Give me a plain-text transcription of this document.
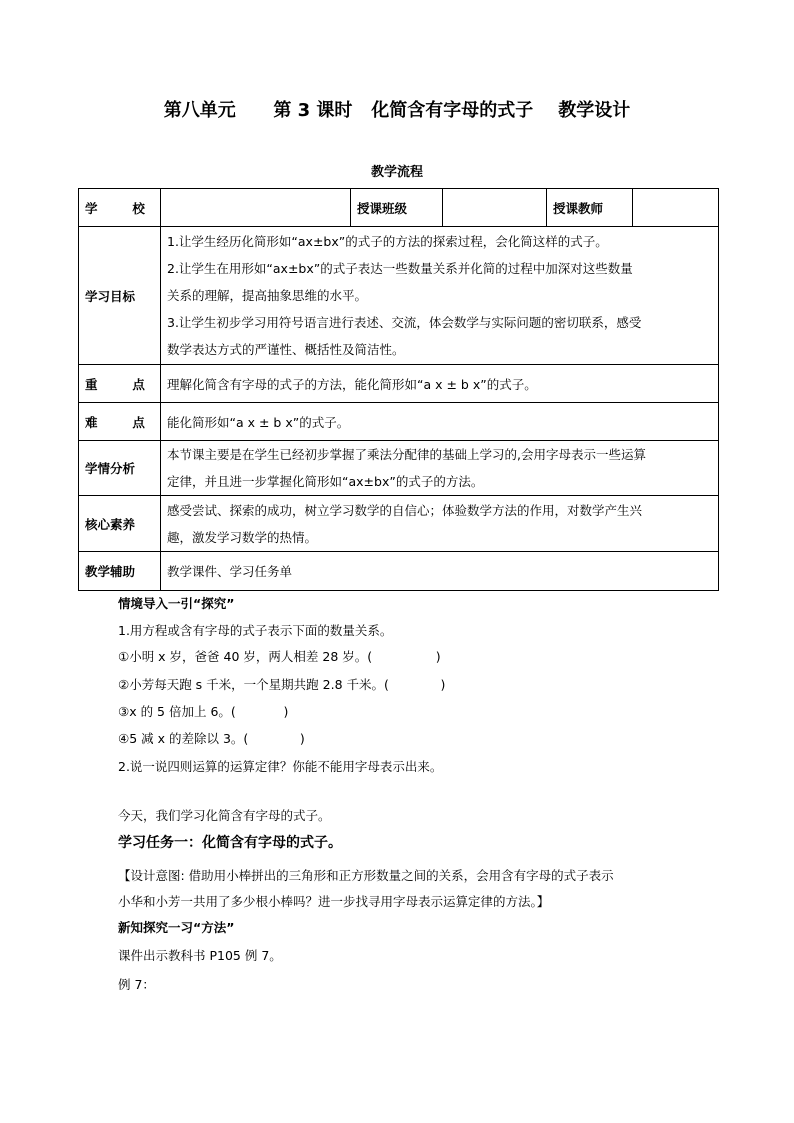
第八单元      第 3 课时   化简含有字母的式子    教学设计
教学流程
学        校		授课班级		授课教师	
学习目标	1.让学生经历化简形如“ax±bx”的式子的方法的探索过程，会化简这样的式子。
2.让学生在用形如“ax±bx”的式子表达一些数量关系并化简的过程中加深对这些数量
关系的理解，提高抽象思维的水平。
3.让学生初步学习用符号语言进行表述、交流，体会数学与实际问题的密切联系，感受
数学表达方式的严谨性、概括性及简洁性。				

重        点	理解化简含有字母的式子的方法，能化简形如“a x ± b x”的式子。				
难        点	能化简形如“a x ± b x”的式子。				
学情分析	本节课主要是在学生已经初步掌握了乘法分配律的基础上学习的,会用字母表示一些运算
定律，并且进一步掌握化简形如“ax±bx”的式子的方法。				

核心素养	感受尝试、探索的成功，树立学习数学的自信心；体验数学方法的作用，对数学产生兴
趣，激发学习数学的热情。				

教学辅助	教学课件、学习任务单				
情境导入一引“探究”
1.用方程或含有字母的式子表示下面的数量关系。
①小明 x 岁，爸爸 40 岁，两人相差 28 岁。(                )
②小芳每天跑 s 千米，一个星期共跑 2.8 千米。(             )
③x 的 5 倍加上 6。(            )
④5 减 x 的差除以 3。(             )
2.说一说四则运算的运算定律？你能不能用字母表示出来。
今天，我们学习化简含有字母的式子。
学习任务一：化简含有字母的式子。
【设计意图: 借助用小棒拼出的三角形和正方形数量之间的关系，会用含有字母的式子表示
小华和小芳一共用了多少根小棒吗？进一步找寻用字母表示运算定律的方法。】
新知探究一习“方法”
课件出示教科书 P105 例 7。
例 7：
